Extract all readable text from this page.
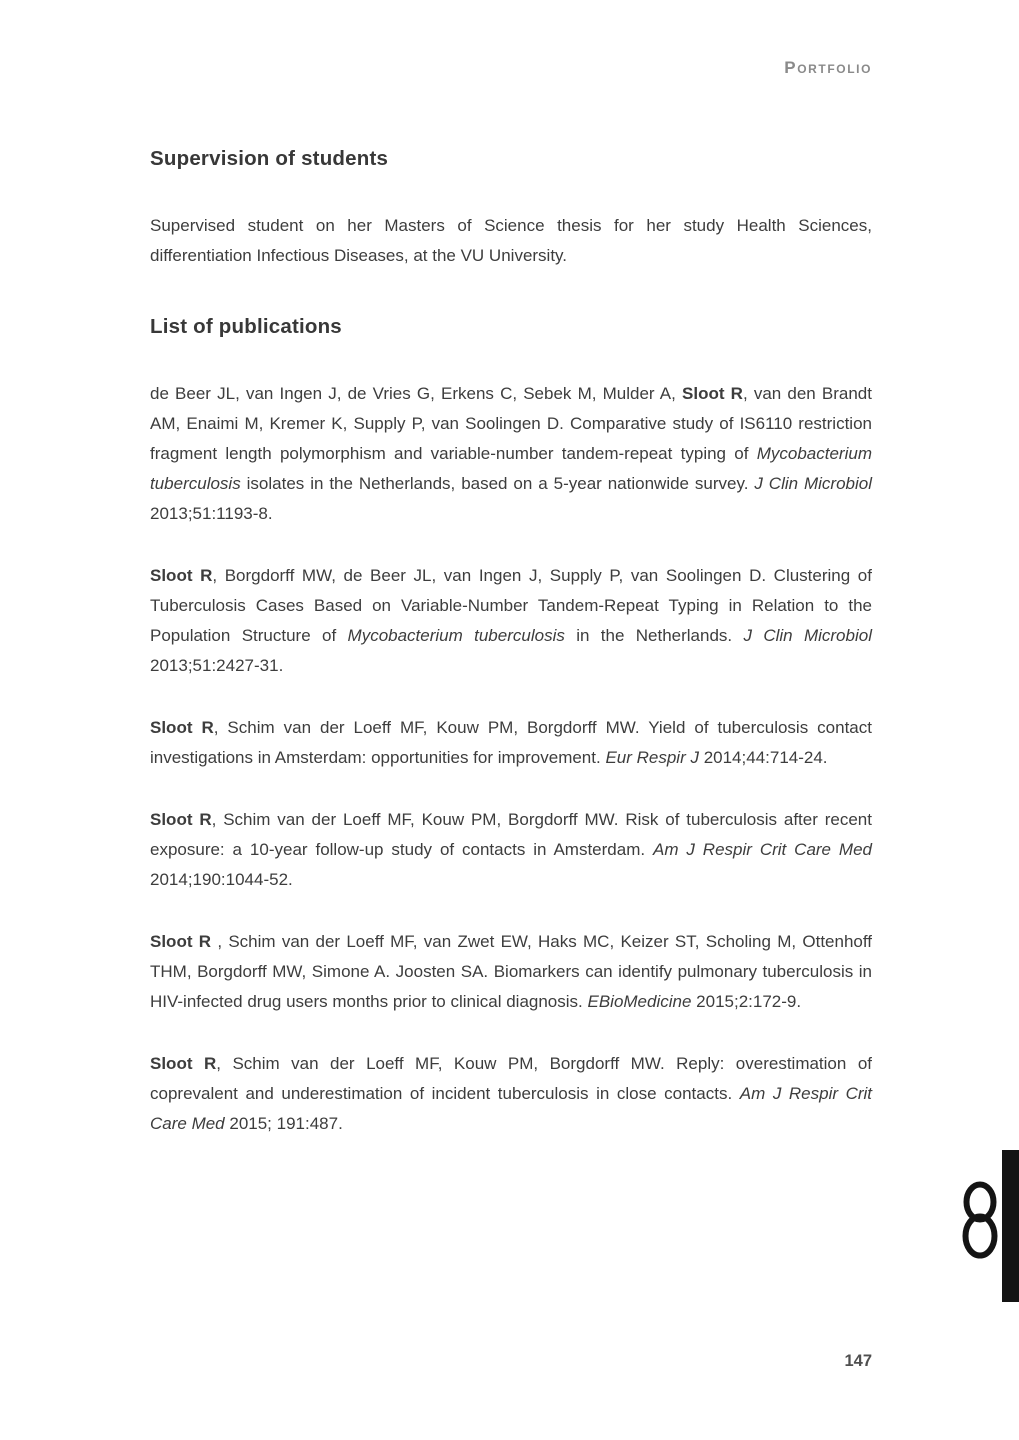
Portfolio
Supervision of students

Supervised student on her Masters of Science thesis for her study Health Sciences, differentiation Infectious Diseases, at the VU University.

List of publications

de Beer JL, van Ingen J, de Vries G, Erkens C, Sebek M, Mulder A, Sloot R, van den Brandt AM, Enaimi M, Kremer K, Supply P, van Soolingen D. Comparative study of IS6110 restriction fragment length polymorphism and variable-number tandem-repeat typing of Mycobacterium tuberculosis isolates in the Netherlands, based on a 5-year nationwide survey. J Clin Microbiol 2013;51:1193-8.

Sloot R, Borgdorff MW, de Beer JL, van Ingen J, Supply P, van Soolingen D. Clustering of Tuberculosis Cases Based on Variable-Number Tandem-Repeat Typing in Relation to the Population Structure of Mycobacterium tuberculosis in the Netherlands. J Clin Microbiol 2013;51:2427-31.

Sloot R, Schim van der Loeff MF, Kouw PM, Borgdorff MW. Yield of tuberculosis contact investigations in Amsterdam: opportunities for improvement. Eur Respir J 2014;44:714-24.

Sloot R, Schim van der Loeff MF, Kouw PM, Borgdorff MW. Risk of tuberculosis after recent exposure: a 10-year follow-up study of contacts in Amsterdam. Am J Respir Crit Care Med 2014;190:1044-52.

Sloot R , Schim van der Loeff MF, van Zwet EW, Haks MC, Keizer ST, Scholing M, Ottenhoff THM, Borgdorff MW, Simone A. Joosten SA. Biomarkers can identify pulmonary tuberculosis in HIV-infected drug users months prior to clinical diagnosis. EBioMedicine 2015;2:172-9.

Sloot R, Schim van der Loeff MF, Kouw PM, Borgdorff MW. Reply: overestimation of coprevalent and underestimation of incident tuberculosis in close contacts. Am J Respir Crit Care Med 2015; 191:487.

147
